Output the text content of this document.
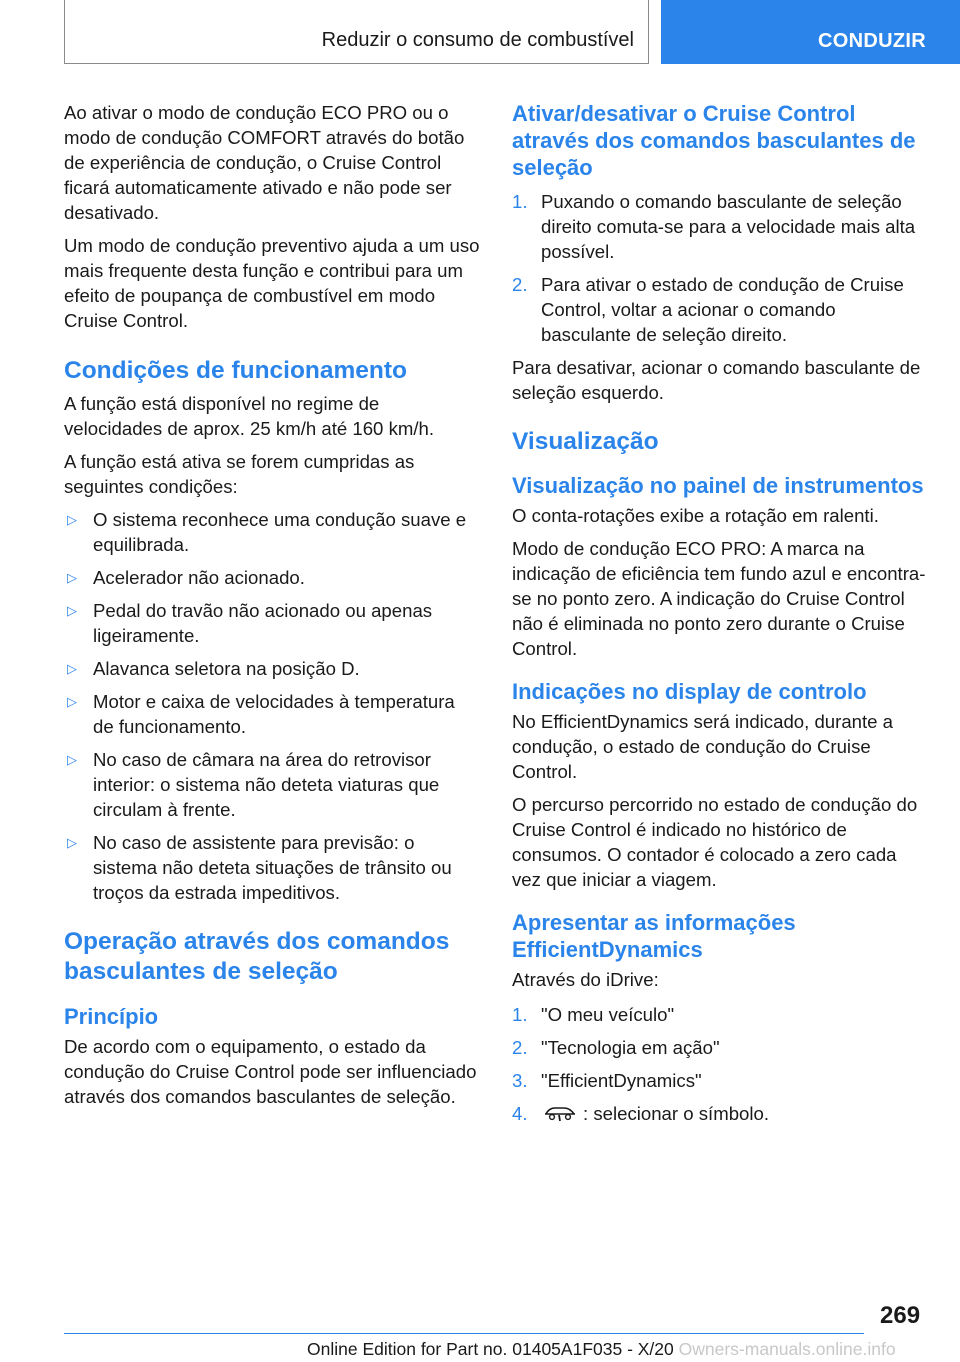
Reduzir o consumo de combustível	CONDUZIR

Ao ativar o modo de condução ECO PRO ou o modo de condução COMFORT através do botão de experiência de condução, o Cruise Control ficará automaticamente ativado e não pode ser desativado.

Um modo de condução preventivo ajuda a um uso mais frequente desta função e contribui para um efeito de poupança de combustível em modo Cruise Control.

Condições de funcionamento

A função está disponível no regime de velocidades de aprox. 25 km/h até 160 km/h.

A função está ativa se forem cumpridas as seguintes condições:

▷ O sistema reconhece uma condução suave e equilibrada.
▷ Acelerador não acionado.
▷ Pedal do travão não acionado ou apenas ligeiramente.
▷ Alavanca seletora na posição D.
▷ Motor e caixa de velocidades à temperatura de funcionamento.
▷ No caso de câmara na área do retrovisor interior: o sistema não deteta viaturas que circulam à frente.
▷ No caso de assistente para previsão: o sistema não deteta situações de trânsito ou troços da estrada impeditivos.
Operação através dos comandos basculantes de seleção
Princípio

De acordo com o equipamento, o estado da condução do Cruise Control pode ser influenciado através dos comandos basculantes de seleção.

Ativar/desativar o Cruise Control através dos comandos basculantes de seleção
1. Puxando o comando basculante de seleção direito comuta-se para a velocidade mais alta possível.
2. Para ativar o estado de condução de Cruise Control, voltar a acionar o comando basculante de seleção direito.

Para desativar, acionar o comando basculante de seleção esquerdo.

Visualização
Visualização no painel de instrumentos

O conta-rotações exibe a rotação em ralenti.

Modo de condução ECO PRO: A marca na indicação de eficiência tem fundo azul e encontra-se no ponto zero. A indicação do Cruise Control não é eliminada no ponto zero durante o Cruise Control.

Indicações no display de controlo

No EfficientDynamics será indicado, durante a condução, o estado de condução do Cruise Control.

O percurso percorrido no estado de condução do Cruise Control é indicado no histórico de consumos. O contador é colocado a zero cada vez que iniciar a viagem.

Apresentar as informações EfficientDynamics

Através do iDrive:

1. "O meu veículo"
2. "Tecnologia em ação"
3. "EfficientDynamics"
4.	: selecionar o símbolo.
269
Online Edition for Part no. 01405A1F035 - X/20 Owners-manuals.online.info
